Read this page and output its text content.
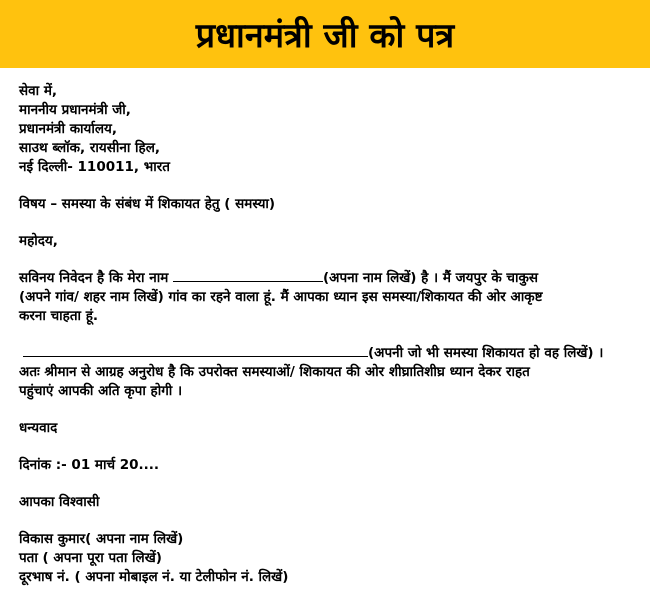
प्रधानमंत्री जी को पत्र
सेवा में,
माननीय प्रधानमंत्री जी,
प्रधानमंत्री कार्यालय,
साउथ ब्लॉक, रायसीना हिल,
नई दिल्ली- 110011, भारत
विषय – समस्या के संबंध में शिकायत हेतु ( समस्या)
महोदय,
सविनय निवेदन है कि मेरा नाम	(अपना नाम लिखें) है । मैं जयपुर के चाकुस
(अपने गांव/ शहर नाम लिखें) गांव का रहने वाला हूं. मैं आपका ध्यान इस समस्या/शिकायत की ओर आकृष्ट
करना चाहता हूं.
(अपनी जो भी समस्या शिकायत हो वह लिखें) ।
अतः श्रीमान से आग्रह अनुरोध है कि उपरोक्त समस्याओं/ शिकायत की ओर शीघ्रातिशीघ्र ध्यान देकर राहत
पहुंचाएं आपकी अति कृपा होगी ।
धन्यवाद
दिनांक :- 01 मार्च 20....
आपका विश्वासी
विकास कुमार( अपना नाम लिखें)
पता ( अपना पूरा पता लिखें)
दूरभाष नं. ( अपना मोबाइल नं. या टेलीफोन नं. लिखें)
